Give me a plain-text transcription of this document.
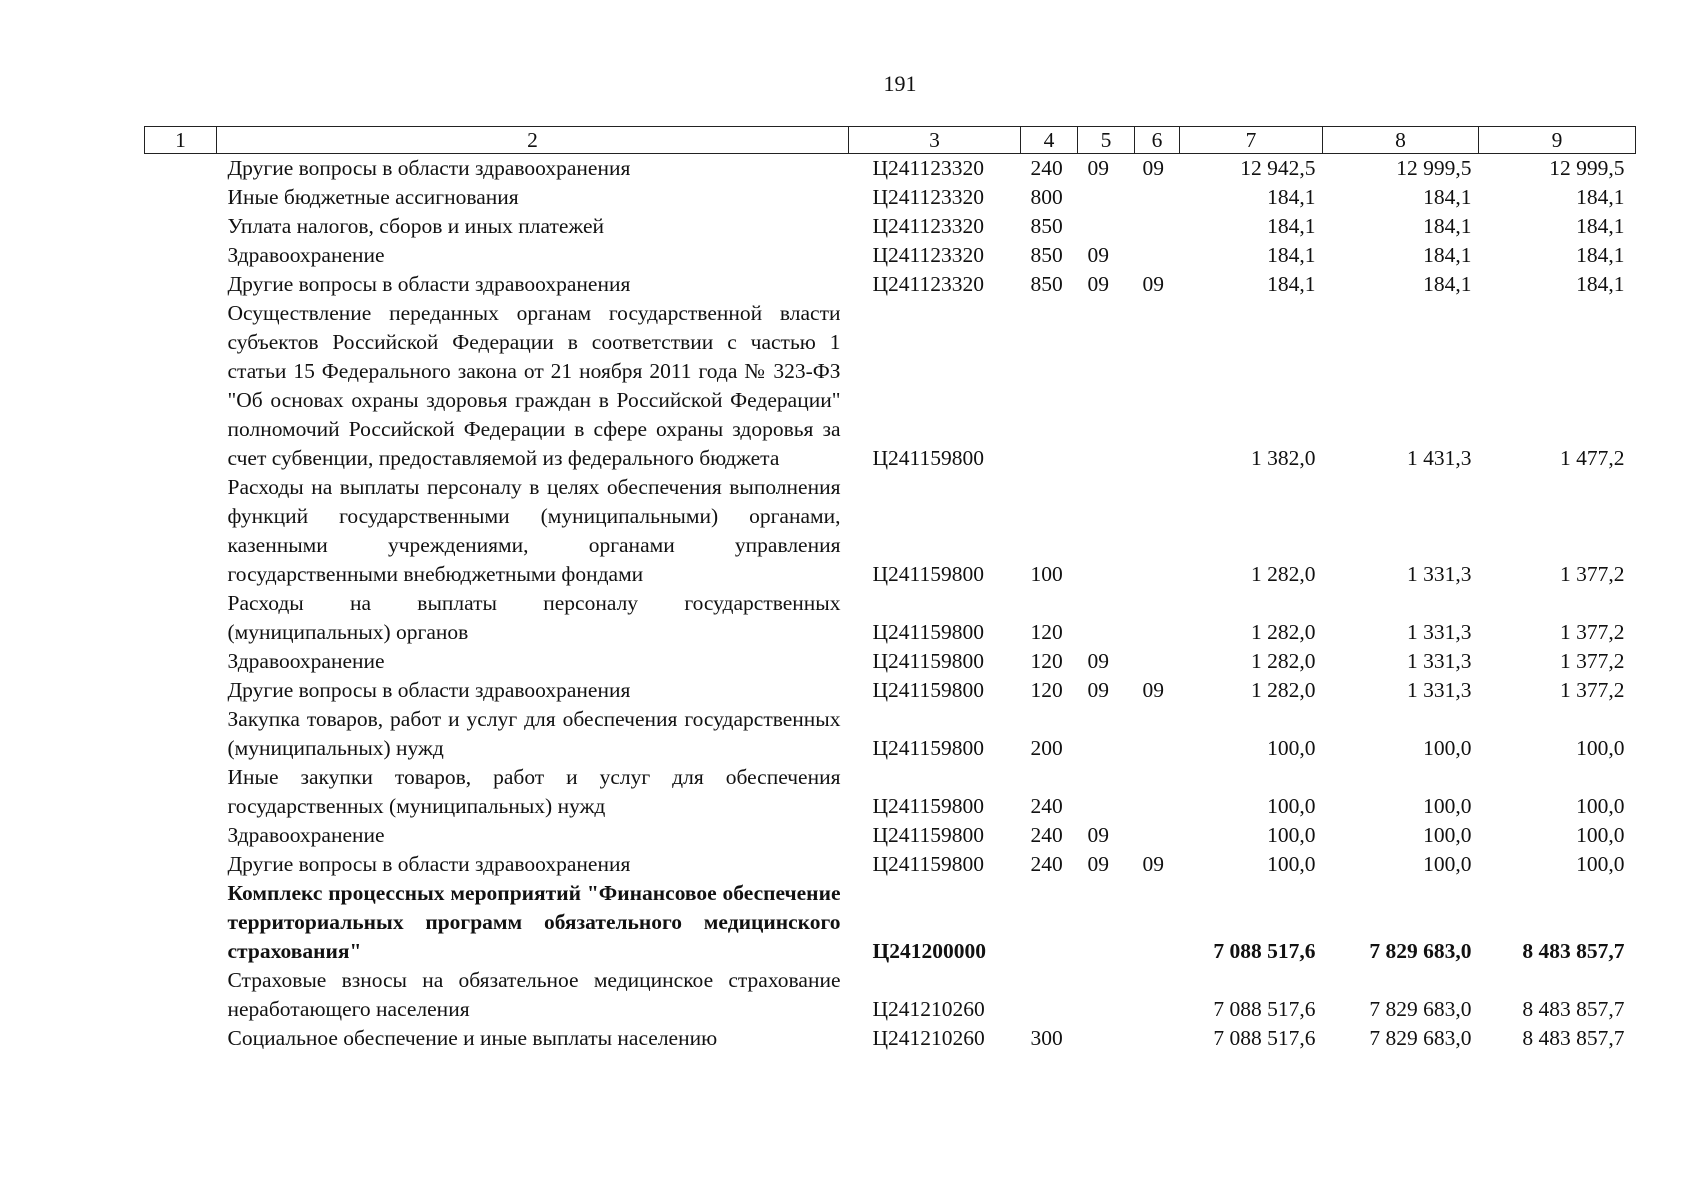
191
1	2	3	4	5	6	7	8	9
	Другие вопросы в области здравоохранения	Ц241123320	240	09	09	12 942,5	12 999,5	12 999,5
	Иные бюджетные ассигнования	Ц241123320	800			184,1	184,1	184,1
	Уплата налогов, сборов и иных платежей	Ц241123320	850			184,1	184,1	184,1
	Здравоохранение	Ц241123320	850	09		184,1	184,1	184,1
	Другие вопросы в области здравоохранения	Ц241123320	850	09	09	184,1	184,1	184,1
	Осуществление переданных органам государственной власти субъектов Российской Федерации в соответствии с частью 1 статьи 15 Федерального закона от 21 ноября 2011 года № 323-ФЗ "Об основах охраны здоровья граждан в Российской Федерации" полномочий Российской Федерации в сфере охраны здоровья за счет субвенции, предоставляемой из федерального бюджета	Ц241159800				1 382,0	1 431,3	1 477,2
	Расходы на выплаты персоналу в целях обеспечения выполнения функций государственными (муниципальными) органами, казенными учреждениями, органами управления государственными внебюджетными фондами	Ц241159800	100			1 282,0	1 331,3	1 377,2
	Расходы на выплаты персоналу государственных (муниципальных) органов	Ц241159800	120			1 282,0	1 331,3	1 377,2
	Здравоохранение	Ц241159800	120	09		1 282,0	1 331,3	1 377,2
	Другие вопросы в области здравоохранения	Ц241159800	120	09	09	1 282,0	1 331,3	1 377,2
	Закупка товаров, работ и услуг для обеспечения государственных (муниципальных) нужд	Ц241159800	200			100,0	100,0	100,0
	Иные закупки товаров, работ и услуг для обеспечения государственных (муниципальных) нужд	Ц241159800	240			100,0	100,0	100,0
	Здравоохранение	Ц241159800	240	09		100,0	100,0	100,0
	Другие вопросы в области здравоохранения	Ц241159800	240	09	09	100,0	100,0	100,0
	Комплекс процессных мероприятий "Финансовое обеспечение территориальных программ обязательного медицинского страхования"	Ц241200000				7 088 517,6	7 829 683,0	8 483 857,7
	Страховые взносы на обязательное медицинское страхование неработающего населения	Ц241210260				7 088 517,6	7 829 683,0	8 483 857,7
	Социальное обеспечение и иные выплаты населению	Ц241210260	300			7 088 517,6	7 829 683,0	8 483 857,7
